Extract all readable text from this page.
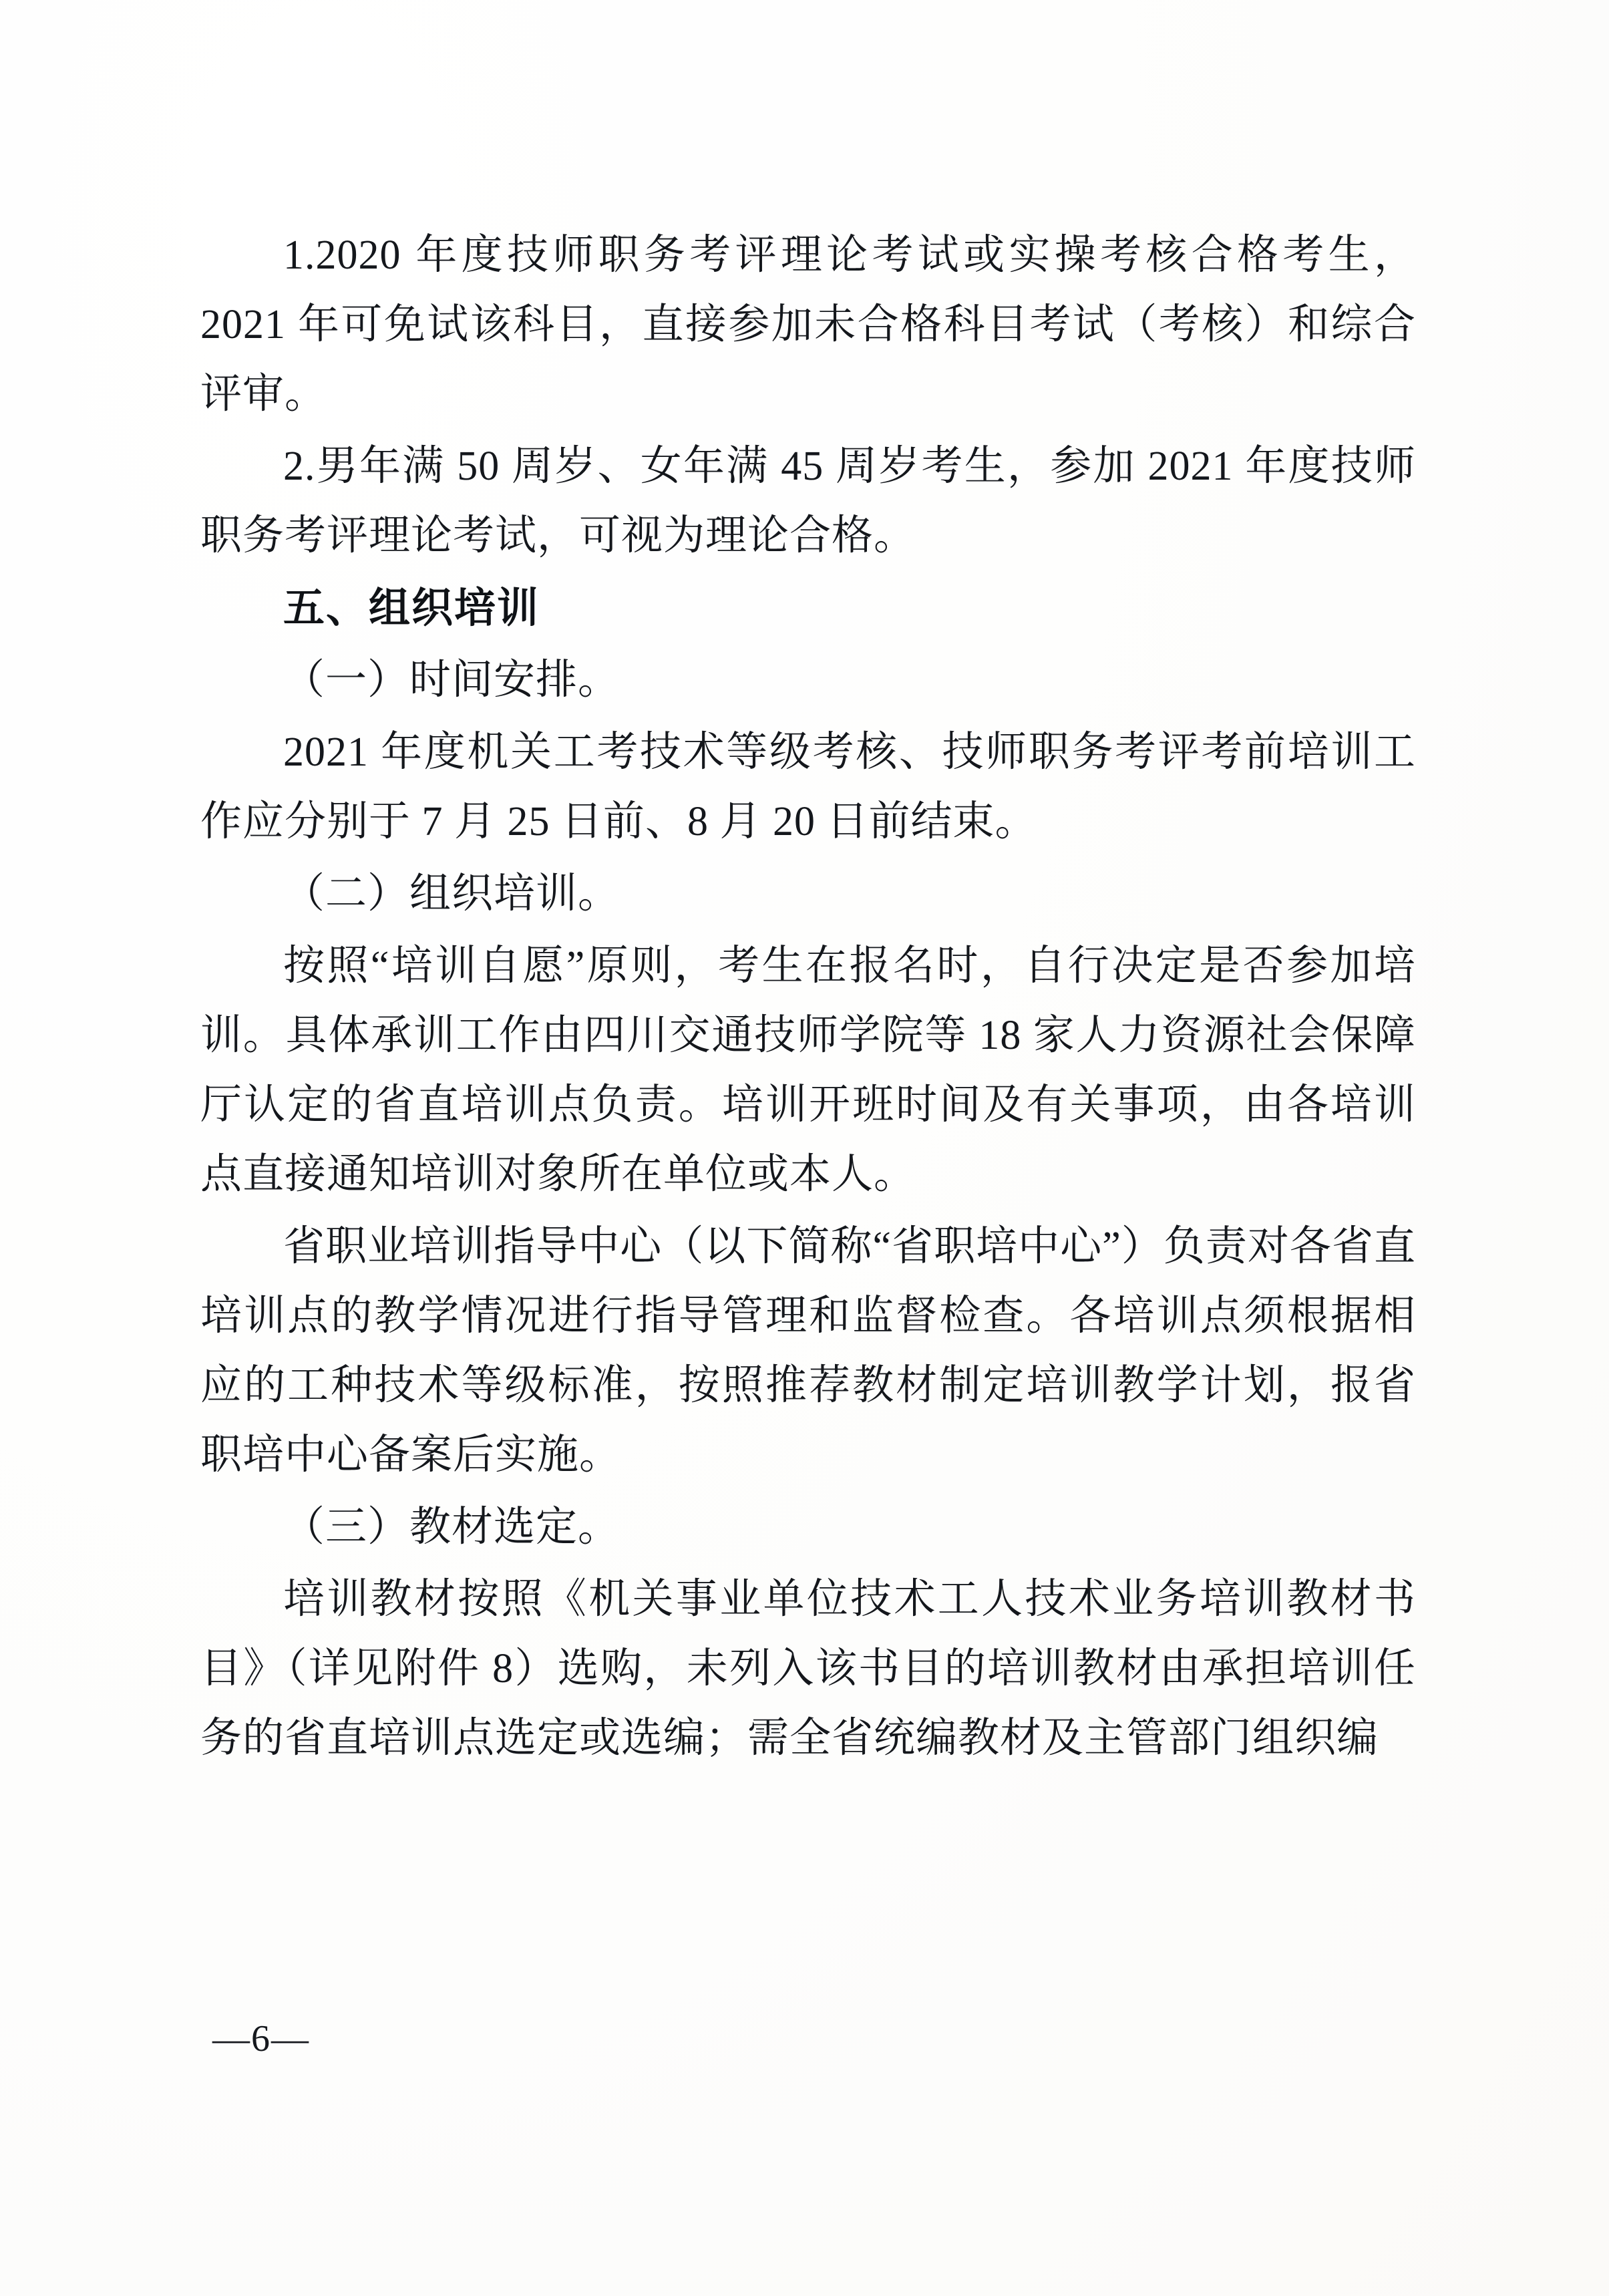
1.2020 年度技师职务考评理论考试或实操考核合格考生，2021 年可免试该科目，直接参加未合格科目考试（考核）和综合评审。

2.男年满 50 周岁、女年满 45 周岁考生，参加 2021 年度技师职务考评理论考试，可视为理论合格。

五、组织培训

（一）时间安排。

2021 年度机关工考技术等级考核、技师职务考评考前培训工作应分别于 7 月 25 日前、8 月 20 日前结束。

（二）组织培训。

按照“培训自愿”原则，考生在报名时，自行决定是否参加培训。具体承训工作由四川交通技师学院等 18 家人力资源社会保障厅认定的省直培训点负责。培训开班时间及有关事项，由各培训点直接通知培训对象所在单位或本人。

省职业培训指导中心（以下简称“省职培中心”）负责对各省直培训点的教学情况进行指导管理和监督检查。各培训点须根据相应的工种技术等级标准，按照推荐教材制定培训教学计划，报省职培中心备案后实施。

（三）教材选定。

培训教材按照《机关事业单位技术工人技术业务培训教材书目》（详见附件 8）选购，未列入该书目的培训教材由承担培训任务的省直培训点选定或选编；需全省统编教材及主管部门组织编

—6—
